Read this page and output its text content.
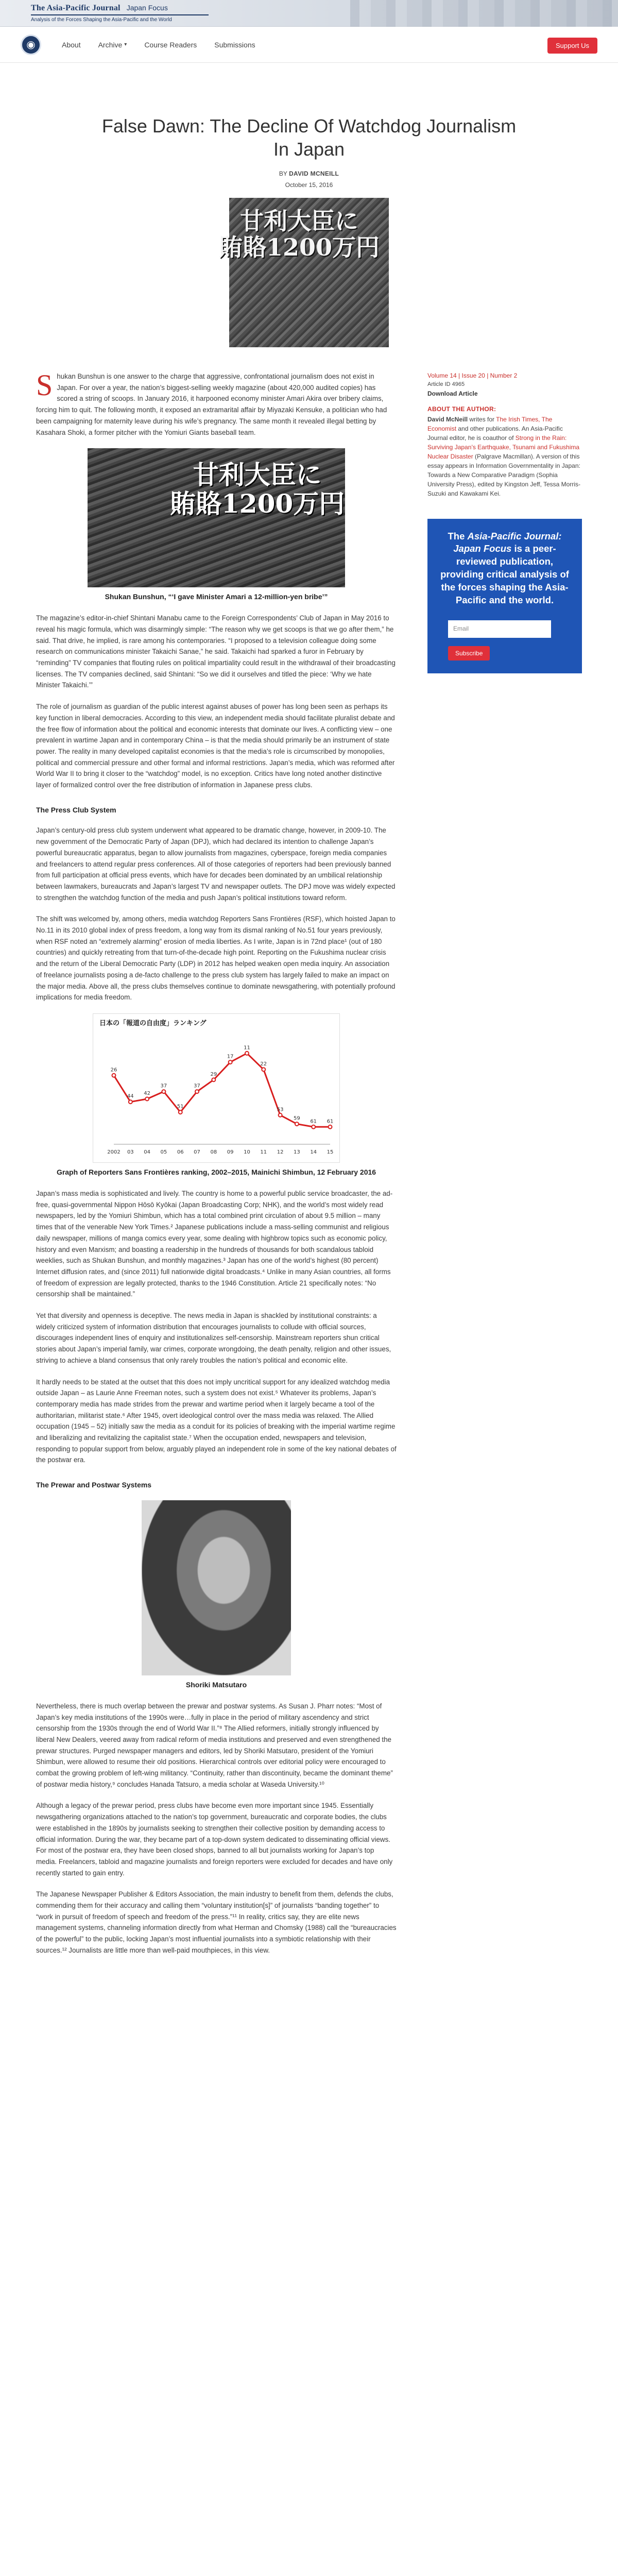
The Asia-Pacific Journal Japan Focus
Analysis of the Forces Shaping the Asia-Pacific and the World
◉	About Archive ▾ Course Readers Submissions	Support Us
False Dawn: The Decline Of Watchdog Journalism In Japan
BY DAVID MCNEILL
October 15, 2016
甘利大臣に
賄賂1200万円

Shukan Bunshun is one answer to the charge that aggressive, confrontational journalism does not exist in Japan. For over a year, the nation’s biggest-selling weekly magazine (about 420,000 audited copies) has scored a string of scoops. In January 2016, it harpooned economy minister Amari Akira over bribery claims, forcing him to quit. The following month, it exposed an extramarital affair by Miyazaki Kensuke, a politician who had been campaigning for maternity leave during his wife’s pregnancy. The same month it revealed illegal betting by Kasahara Shoki, a former pitcher with the Yomiuri Giants baseball team.

甘利大臣に
賄賂1200万円
Shukan Bunshun, “‘I gave Minister Amari a 12-million-yen bribe’”

The magazine’s editor-in-chief Shintani Manabu came to the Foreign Correspondents’ Club of Japan in May 2016 to reveal his magic formula, which was disarmingly simple: “The reason why we get scoops is that we go after them,” he said. That drive, he implied, is rare among his contemporaries. “I proposed to a television colleague doing some research on communications minister Takaichi Sanae,” he said. Takaichi had sparked a furor in February by “reminding” TV companies that flouting rules on political impartiality could result in the withdrawal of their broadcasting licenses. The TV companies declined, said Shintani: “So we did it ourselves and titled the piece: ‘Why we hate Minister Takaichi.’”

The role of journalism as guardian of the public interest against abuses of power has long been seen as perhaps its key function in liberal democracies. According to this view, an independent media should facilitate pluralist debate and the free flow of information about the political and economic interests that dominate our lives. A conflicting view – one prevalent in wartime Japan and in contemporary China – is that the media should primarily be an instrument of state power. The reality in many developed capitalist economies is that the media’s role is circumscribed by monopolies, political and commercial pressure and other formal and informal restrictions. Japan’s media, which was reformed after World War II to bring it closer to the “watchdog” model, is no exception. Critics have long noted another distinctive layer of formalized control over the free distribution of information in Japanese press clubs.

The Press Club System

Japan’s century-old press club system underwent what appeared to be dramatic change, however, in 2009-10. The new government of the Democratic Party of Japan (DPJ), which had declared its intention to challenge Japan’s powerful bureaucratic apparatus, began to allow journalists from magazines, cyberspace, foreign media companies and freelancers to attend regular press conferences. All of those categories of reporters had been previously banned from full participation at official press events, which have for decades been dominated by an umbilical relationship between lawmakers, bureaucrats and Japan’s largest TV and newspaper outlets. The DPJ move was widely expected to strengthen the watchdog function of the media and push Japan’s political institutions toward reform.

The shift was welcomed by, among others, media watchdog Reporters Sans Frontières (RSF), which hoisted Japan to No.11 in its 2010 global index of press freedom, a long way from its dismal ranking of No.51 four years previously, when RSF noted an “extremely alarming” erosion of media liberties. As I write, Japan is in 72nd place¹ (out of 180 countries) and quickly retreating from that turn-of-the-decade high point. Reporting on the Fukushima nuclear crisis and the return of the Liberal Democratic Party (LDP) in 2012 has helped weaken open media inquiry. An association of freelance journalists posing a de-facto challenge to the press club system has largely failed to make an impact on the major media. Above all, the press clubs themselves continue to dominate newsgathering, with potentially profound implications for media freedom.

日本の「報道の自由度」ランキング
26
44
42
37
51
37
29
17
11
22
53
59
61 61
2002 03 04 05 06 07 08 09 10 11 12 13 14 15
Graph of Reporters Sans Frontières ranking, 2002–2015, Mainichi Shimbun, 12 February 2016

Japan’s mass media is sophisticated and lively. The country is home to a powerful public service broadcaster, the ad-free, quasi-governmental Nippon Hōsō Kyōkai (Japan Broadcasting Corp; NHK), and the world’s most widely read newspapers, led by the Yomiuri Shimbun, which has a total combined print circulation of about 9.5 million – many times that of the venerable New York Times.² Japanese publications include a mass-selling communist and religious daily newspaper, millions of manga comics every year, some dealing with highbrow topics such as economic policy, history and even Marxism; and boasting a readership in the hundreds of thousands for both scandalous tabloid weeklies, such as Shukan Bunshun, and monthly magazines.³ Japan has one of the world’s highest (80 percent) Internet diffusion rates, and (since 2011) full nationwide digital broadcasts.⁴ Unlike in many Asian countries, all forms of freedom of expression are legally protected, thanks to the 1946 Constitution. Article 21 specifically notes: “No censorship shall be maintained.”

Yet that diversity and openness is deceptive. The news media in Japan is shackled by institutional constraints: a widely criticized system of information distribution that encourages journalists to collude with official sources, discourages independent lines of enquiry and institutionalizes self-censorship. Mainstream reporters shun critical stories about Japan’s imperial family, war crimes, corporate wrongdoing, the death penalty, religion and other issues, striving to achieve a bland consensus that only rarely troubles the nation’s political and economic elite.

It hardly needs to be stated at the outset that this does not imply uncritical support for any idealized watchdog media outside Japan – as Laurie Anne Freeman notes, such a system does not exist.⁵ Whatever its problems, Japan’s contemporary media has made strides from the prewar and wartime period when it largely became a tool of the authoritarian, militarist state.⁶ After 1945, overt ideological control over the mass media was relaxed. The Allied occupation (1945 – 52) initially saw the media as a conduit for its policies of breaking with the imperial wartime regime and liberalizing and revitalizing the capitalist state.⁷ When the occupation ended, newspapers and television, responding to popular support from below, arguably played an independent role in some of the key national debates of the postwar era.

The Prewar and Postwar Systems
Shoriki Matsutaro

Nevertheless, there is much overlap between the prewar and postwar systems. As Susan J. Pharr notes: “Most of Japan’s key media institutions of the 1990s were…fully in place in the period of military ascendency and strict censorship from the 1930s through the end of World War II.”⁸ The Allied reformers, initially strongly influenced by liberal New Dealers, veered away from radical reform of media institutions and preserved and even strengthened the prewar structures. Purged newspaper managers and editors, led by Shoriki Matsutaro, president of the Yomiuri Shimbun, were allowed to resume their old positions. Hierarchical controls over editorial policy were encouraged to combat the growing problem of left-wing militancy. “Continuity, rather than discontinuity, became the dominant theme” of postwar media history,⁹ concludes Hanada Tatsuro, a media scholar at Waseda University.¹⁰

Although a legacy of the prewar period, press clubs have become even more important since 1945. Essentially newsgathering organizations attached to the nation’s top government, bureaucratic and corporate bodies, the clubs were established in the 1890s by journalists seeking to strengthen their collective position by demanding access to official information. During the war, they became part of a top-down system dedicated to disseminating official views. For most of the postwar era, they have been closed shops, banned to all but journalists working for Japan’s top media. Freelancers, tabloid and magazine journalists and foreign reporters were excluded for decades and have only recently started to gain entry.

The Japanese Newspaper Publisher & Editors Association, the main industry to benefit from them, defends the clubs, commending them for their accuracy and calling them “voluntary institution[s]” of journalists “banding together” to “work in pursuit of freedom of speech and freedom of the press.”¹¹ In reality, critics say, they are elite news management systems, channeling information directly from what Herman and Chomsky (1988) call the “bureaucracies of the powerful” to the public, locking Japan’s most influential journalists into a symbiotic relationship with their sources.¹² Journalists are little more than well-paid mouthpieces, in this view.

Volume 14 | Issue 20 | Number 2
Article ID 4965
Download Article
ABOUT THE AUTHOR:
David McNeill writes for The Irish Times, The Economist and other publications. An Asia-Pacific Journal editor, he is coauthor of Strong in the Rain: Surviving Japan’s Earthquake, Tsunami and Fukushima Nuclear Disaster (Palgrave Macmillan). A version of this essay appears in Information Governmentality in Japan: Towards a New Comparative Paradigm (Sophia University Press), edited by Kingston Jeff, Tessa Morris-Suzuki and Kawakami Kei.
The Asia-Pacific Journal: Japan Focus is a peer-reviewed publication, providing critical analysis of the forces shaping the Asia-Pacific and the world.
Email
Subscribe
